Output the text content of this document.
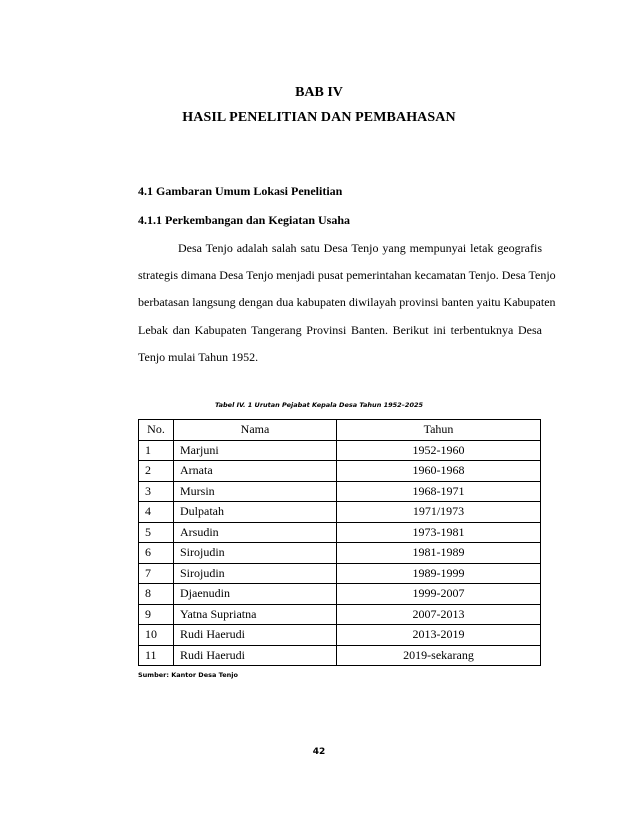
BAB IV
HASIL PENELITIAN DAN PEMBAHASAN
4.1 Gambaran Umum Lokasi Penelitian
4.1.1 Perkembangan dan Kegiatan Usaha
Desa Tenjo adalah salah satu Desa Tenjo yang mempunyai letak geografis
strategis dimana Desa Tenjo menjadi pusat pemerintahan kecamatan Tenjo. Desa Tenjo
berbatasan langsung dengan dua kabupaten diwilayah provinsi banten yaitu Kabupaten
Lebak dan Kabupaten Tangerang Provinsi Banten. Berikut ini terbentuknya Desa
Tenjo mulai Tahun 1952.
Tabel IV. 1 Urutan Pejabat Kepala Desa Tahun 1952–2025
No.	Nama	Tahun
1	Marjuni	1952-1960
2	Arnata	1960-1968
3	Mursin	1968-1971
4	Dulpatah	1971/1973
5	Arsudin	1973-1981
6	Sirojudin	1981-1989
7	Sirojudin	1989-1999
8	Djaenudin	1999-2007
9	Yatna Supriatna	2007-2013
10	Rudi Haerudi	2013-2019
11	Rudi Haerudi	2019-sekarang
Sumber: Kantor Desa Tenjo
42
